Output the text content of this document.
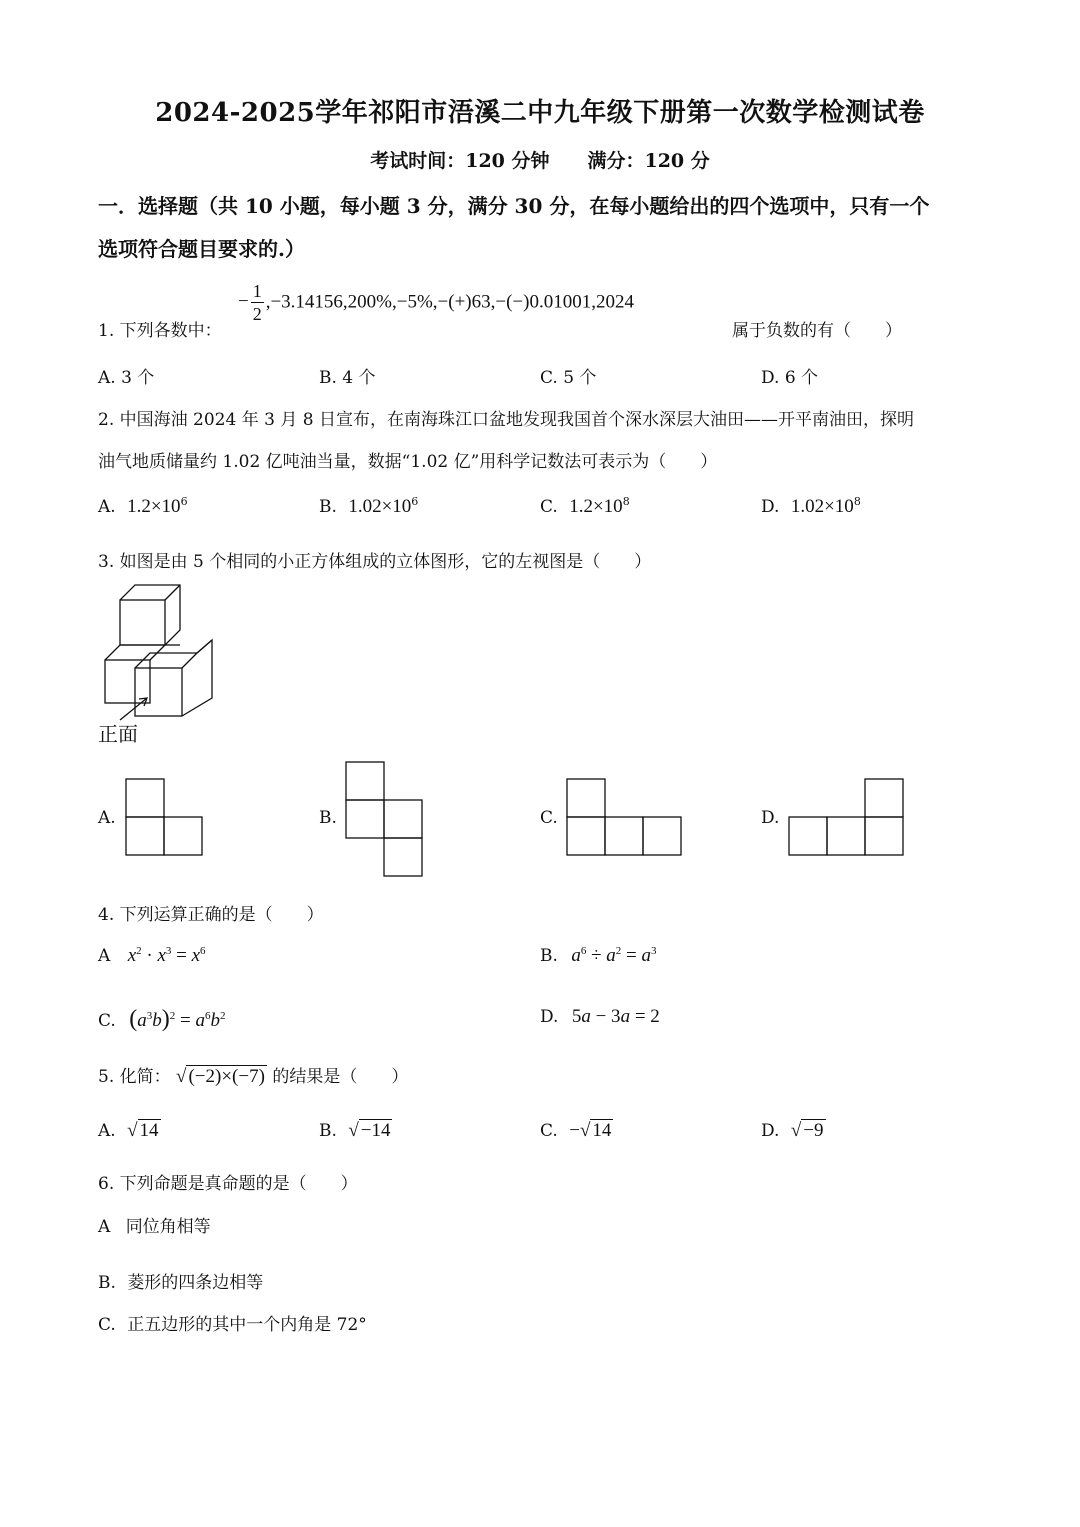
2024-2025学年祁阳市浯溪二中九年级下册第一次数学检测试卷
考试时间：120 分钟　　满分：120 分
一．选择题（共 10 小题，每小题 3 分，满分 30 分，在每小题给出的四个选项中，只有一个
选项符合题目要求的.）
1. 下列各数中：
− $\frac{1}{2} ,-3.14156,200\%,-5\%,-(+)63,-(-)0.01001,2024$
属于负数的有（　　）
A. 3 个	B. 4 个	C. 5 个	D. 6 个
2. 中国海油 2024 年 3 月 8 日宣布，在南海珠江口盆地发现我国首个深水深层大油田——开平南油田，探明
油气地质储量约 1.02 亿吨油当量，数据“1.02 亿”用科学记数法可表示为（　　）
A. $1.2\times 10^6$	B. $1.02\times 10^6$	C. $1.2\times 10^8$	D. $1.02\times 10^8$
3. 如图是由 5 个相同的小正方体组成的立体图形，它的左视图是（　　）
正面
A.	B.	C.	D.
4. 下列运算正确的是（　　）
A $x^2 \cdot x^3 = x^6$	B. $a^6 \div a^2 = a^3$
C. $(a^3b)^2 = a^6b^2$	D. 5a − 3a = 2
5. 化简： √ (−2)×(−7) 的结果是（　　）
A. √ 14	B. √ −14	C. −√ 14	D. √ −9
6. 下列命题是真命题的是（　　）
A 同位角相等
B. 菱形的四条边相等
C. 正五边形的其中一个内角是 72°
